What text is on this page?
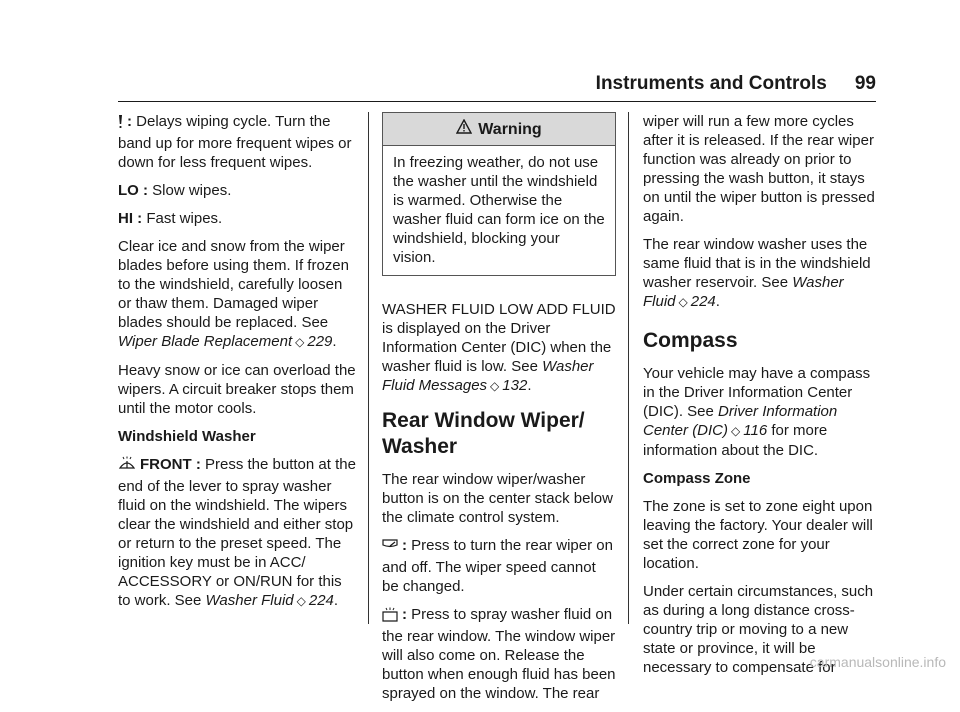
Instruments and Controls 99

: Delays wiping cycle. Turn the band up for more frequent wipes or down for less frequent wipes.

LO : Slow wipes.

HI : Fast wipes.

Clear ice and snow from the wiper blades before using them. If frozen to the windshield, carefully loosen or thaw them. Damaged wiper blades should be replaced. See Wiper Blade Replacement ◇ 229.

Heavy snow or ice can overload the wipers. A circuit breaker stops them until the motor cools.

Windshield Washer

FRONT : Press the button at the end of the lever to spray washer fluid on the windshield. The wipers clear the windshield and either stop or return to the preset speed. The ignition key must be in ACC/ ACCESSORY or ON/RUN for this to work. See Washer Fluid ◇ 224.

Warning
In freezing weather, do not use the washer until the windshield is warmed. Otherwise the washer fluid can form ice on the windshield, blocking your vision.

WASHER FLUID LOW ADD FLUID is displayed on the Driver Information Center (DIC) when the washer fluid is low. See Washer Fluid Messages ◇ 132.

Rear Window Wiper/
Washer

The rear window wiper/washer button is on the center stack below the climate control system.

: Press to turn the rear wiper on and off. The wiper speed cannot be changed.

: Press to spray washer fluid on the rear window. The window wiper will also come on. Release the button when enough fluid has been sprayed on the window. The rear

wiper will run a few more cycles after it is released. If the rear wiper function was already on prior to pressing the wash button, it stays on until the wiper button is pressed again.

The rear window washer uses the same fluid that is in the windshield washer reservoir. See Washer Fluid ◇ 224.

Compass

Your vehicle may have a compass in the Driver Information Center (DIC). See Driver Information Center (DIC) ◇ 116 for more information about the DIC.

Compass Zone

The zone is set to zone eight upon leaving the factory. Your dealer will set the correct zone for your location.

Under certain circumstances, such as during a long distance cross-country trip or moving to a new state or province, it will be necessary to compensate for

carmanualsonline.info
